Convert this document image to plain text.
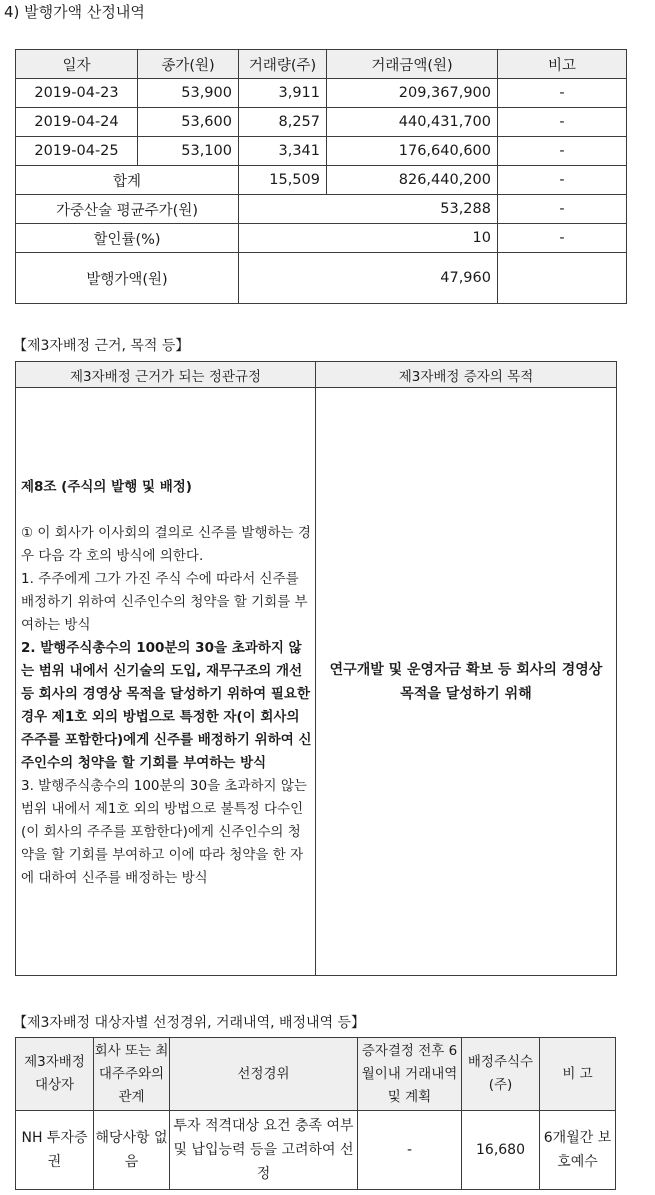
4) 발행가액 산정내역
일자	종가(원)	거래량(주)	거래금액(원)	비고
2019-04-23	53,900	3,911	209,367,900	-
2019-04-24	53,600	8,257	440,431,700	-
2019-04-25	53,100	3,341	176,640,600	-
합계		15,509	826,440,200	-
가중산술 평균주가(원)		53,288		-
할인률(%)		10		-
발행가액(원)		47,960		
【제3자배정 근거, 목적 등】
제3자배정 근거가 되는 정관규정	제3자배정 증자의 목적

제8조 (주식의 발행 및 배정)

① 이 회사가 이사회의 결의로 신주를 발행하는 경우 다음 각 호의 방식에 의한다.

1. 주주에게 그가 가진 주식 수에 따라서 신주를 배정하기 위하여 신주인수의 청약을 할 기회를 부여하는 방식

2. 발행주식총수의 100분의 30을 초과하지 않는 범위 내에서 신기술의 도입, 재무구조의 개선 등 회사의 경영상 목적을 달성하기 위하여 필요한 경우 제1호 외의 방법으로 특정한 자(이 회사의 주주를 포함한다)에게 신주를 배정하기 위하여 신주인수의 청약을 할 기회를 부여하는 방식

3. 발행주식총수의 100분의 30을 초과하지 않는 범위 내에서 제1호 외의 방법으로 불특정 다수인(이 회사의 주주를 포함한다)에게 신주인수의 청약을 할 기회를 부여하고 이에 따라 청약을 한 자에 대하여 신주를 배정하는 방식	연구개발 및 운영자금 확보 등 회사의 경영상 목적을 달성하기 위해
【제3자배정 대상자별 선정경위, 거래내역, 배정내역 등】
제3자배정 대상자	회사 또는 최대주주와의 관계	선정경위	증자결정 전후 6월이내 거래내역 및 계획	배정주식수 (주)	비 고
NH 투자증권	해당사항 없음	투자 적격대상 요건 충족 여부 및 납입능력 등을 고려하여 선정	-	16,680	6개월간 보호예수
